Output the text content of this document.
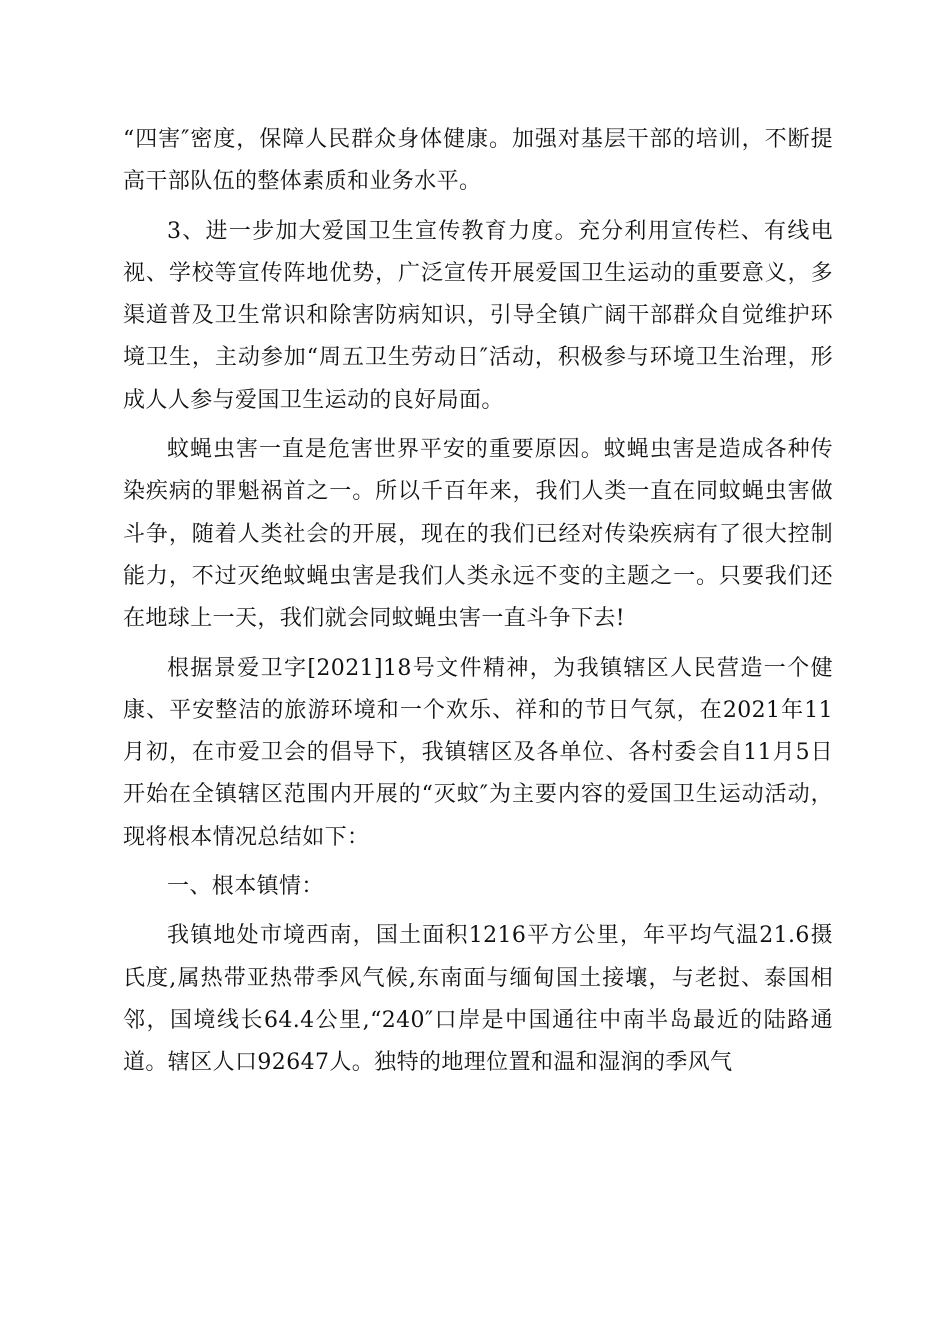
“四害″密度，保障人民群众身体健康。加强对基层干部的培训，不断提高干部队伍的整体素质和业务水平。

3、进一步加大爱国卫生宣传教育力度。充分利用宣传栏、有线电视、学校等宣传阵地优势，广泛宣传开展爱国卫生运动的重要意义，多渠道普及卫生常识和除害防病知识，引导全镇广阔干部群众自觉维护环境卫生，主动参加“周五卫生劳动日″活动，积极参与环境卫生治理，形成人人参与爱国卫生运动的良好局面。

蚊蝇虫害一直是危害世界平安的重要原因。蚊蝇虫害是造成各种传染疾病的罪魁祸首之一。所以千百年来，我们人类一直在同蚊蝇虫害做斗争，随着人类社会的开展，现在的我们已经对传染疾病有了很大控制能力，不过灭绝蚊蝇虫害是我们人类永远不变的主题之一。只要我们还在地球上一天，我们就会同蚊蝇虫害一直斗争下去!

根据景爱卫字[2021]18号文件精神，为我镇辖区人民营造一个健康、平安整洁的旅游环境和一个欢乐、祥和的节日气氛，在2021年11月初，在市爱卫会的倡导下，我镇辖区及各单位、各村委会自11月5日开始在全镇辖区范围内开展的“灭蚊″为主要内容的爱国卫生运动活动，现将根本情况总结如下：

一、根本镇情：

我镇地处市境西南，国土面积1216平方公里，年平均气温21.6摄氏度,属热带亚热带季风气候,东南面与缅甸国土接壤，与老挝、泰国相邻，国境线长64.4公里,“240″口岸是中国通往中南半岛最近的陆路通道。辖区人口92647人。独特的地理位置和温和湿润的季风气
